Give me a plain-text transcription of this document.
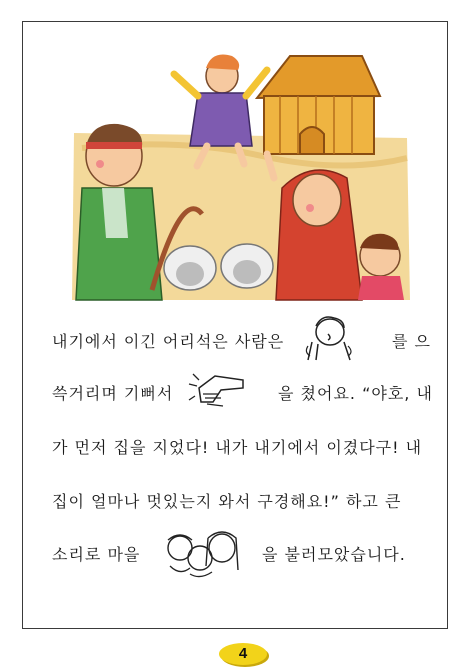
내기에서 이긴 어리석은 사람은	를 으
쓱거리며 기뻐서	을 쳤어요. “야호, 내
가 먼저 집을 지었다! 내가 내기에서 이겼다구! 내
집이 얼마나 멋있는지 와서 구경해요!” 하고 큰
소리로 마을	을 불러모았습니다.
4
